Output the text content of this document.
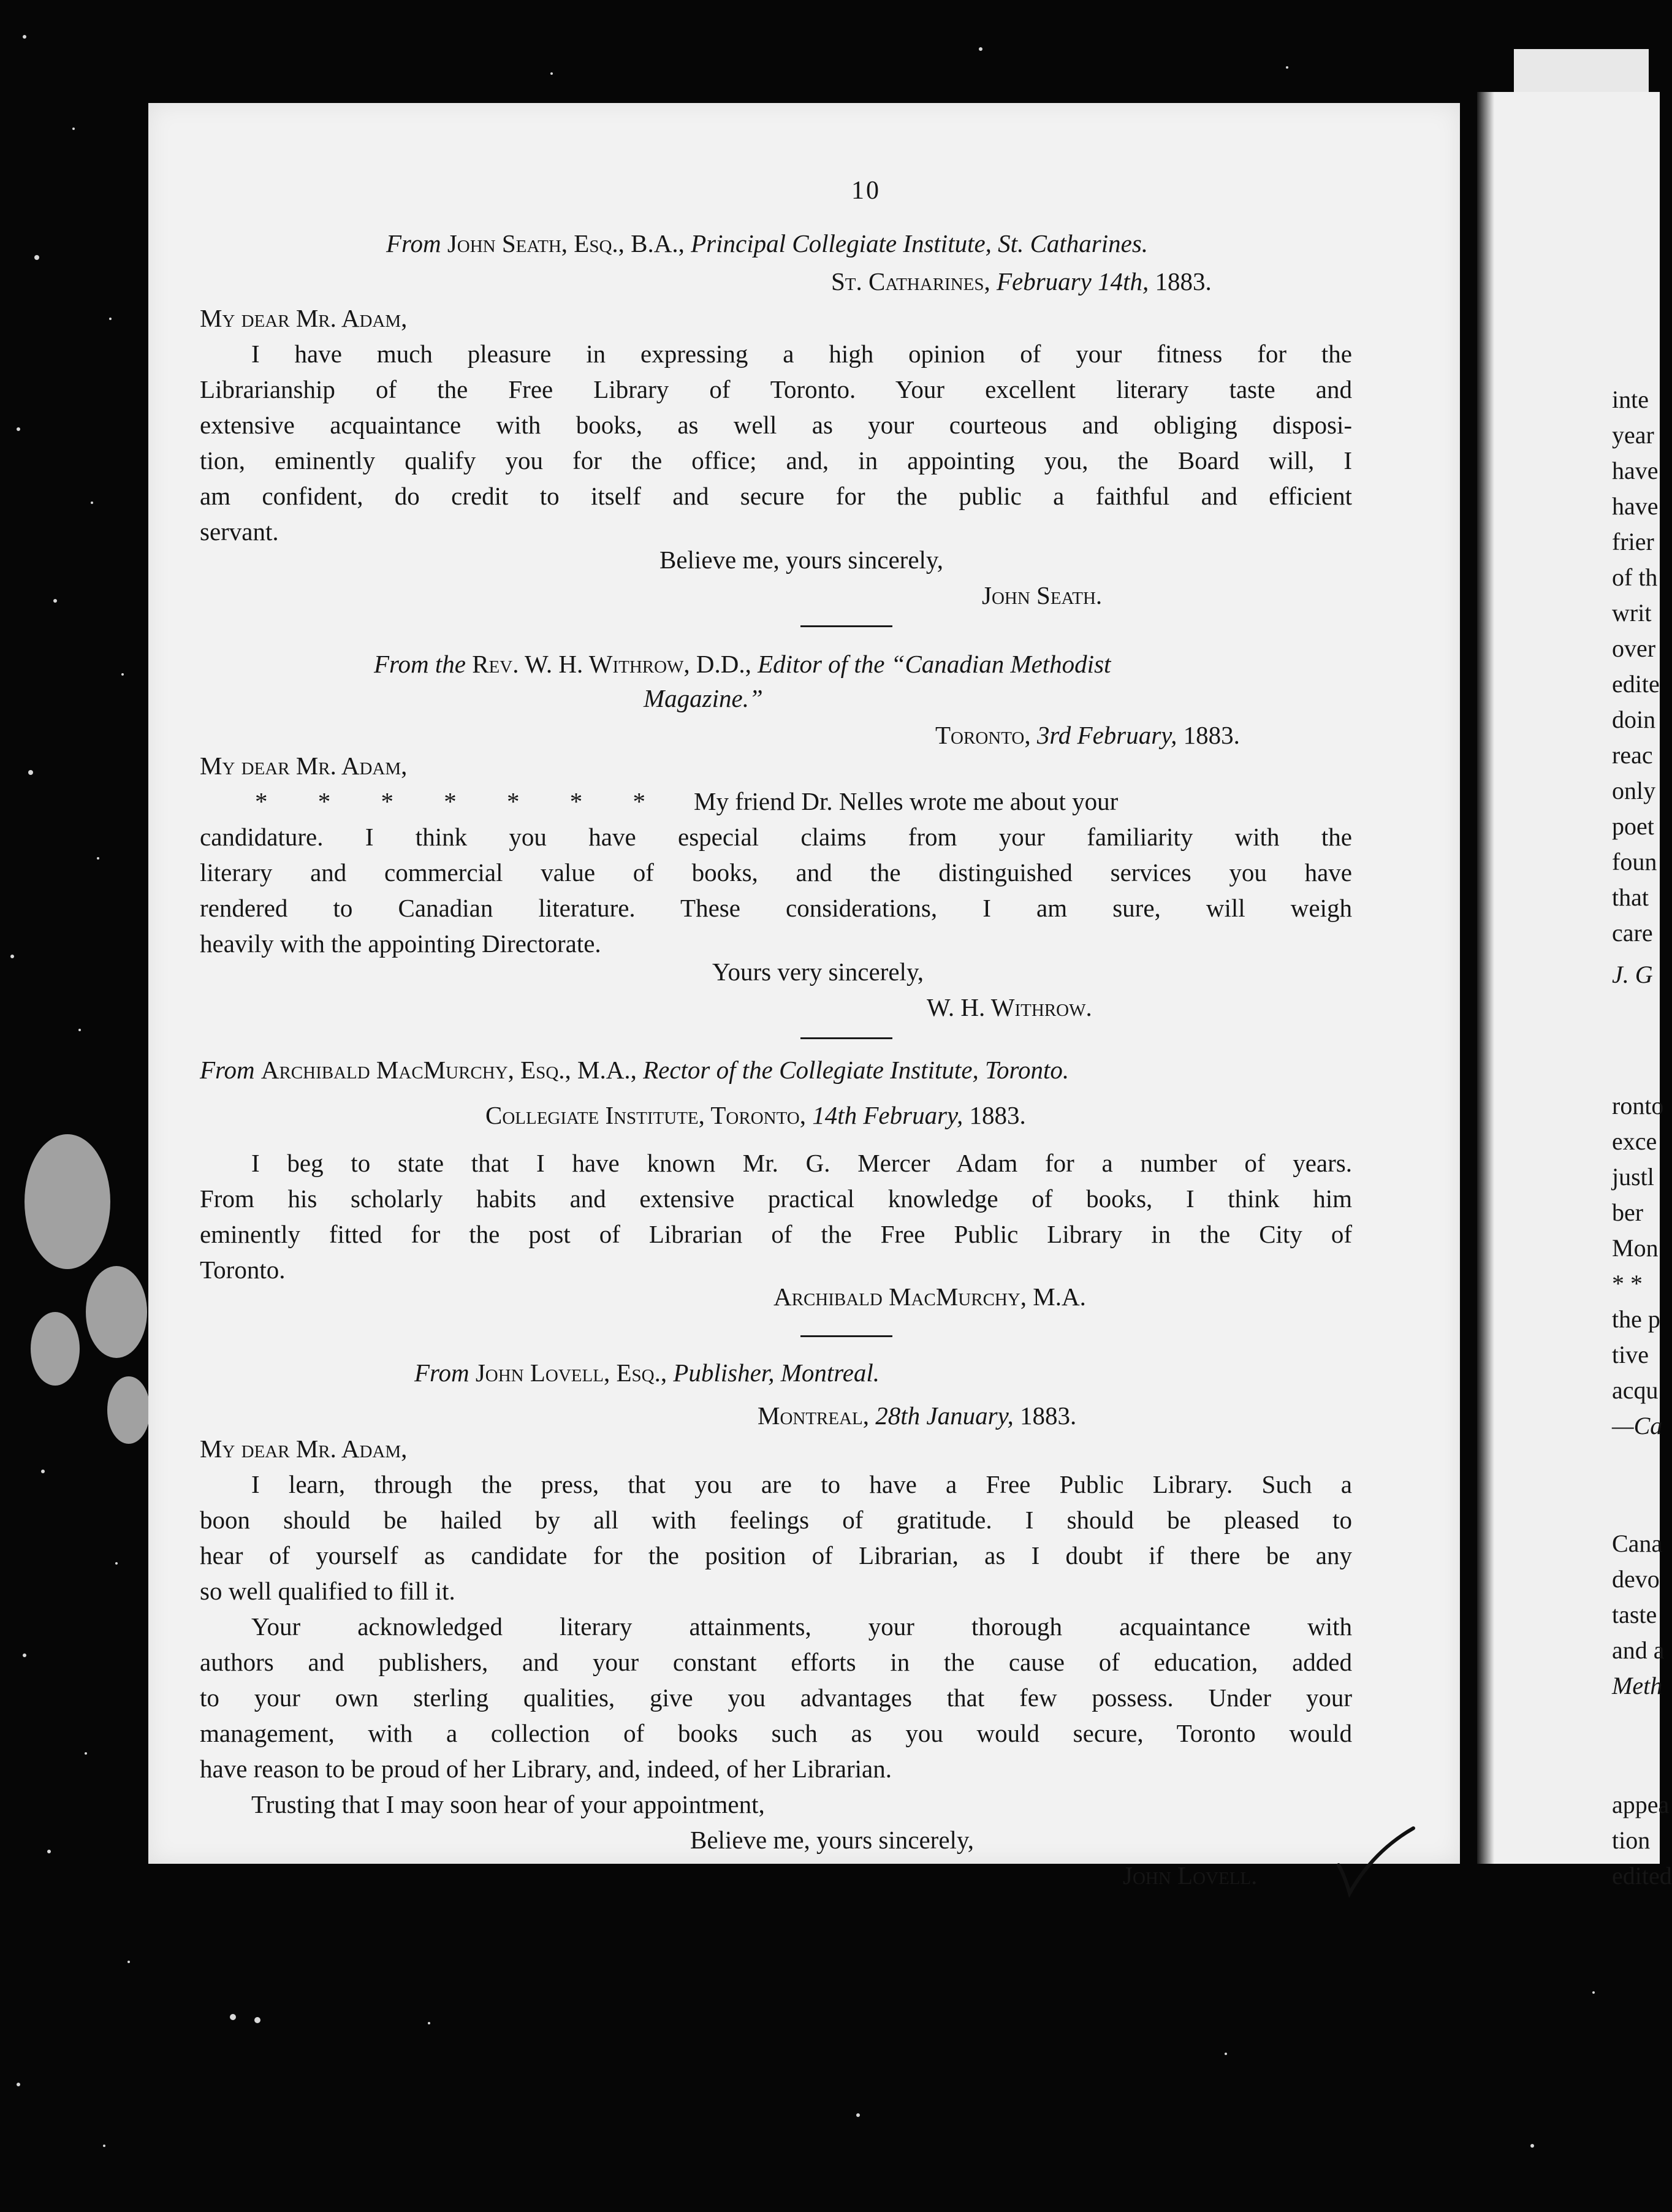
10
From John Seath, Esq., B.A., Principal Collegiate Institute, St. Catharines.
St. Catharines, February 14th, 1883.
My dear Mr. Adam,
I have much pleasure in expressing a high opinion of your fitness for the
Librarianship of the Free Library of Toronto. Your excellent literary taste and
extensive acquaintance with books, as well as your courteous and obliging disposi-
tion, eminently qualify you for the office; and, in appointing you, the Board will, I
am confident, do credit to itself and secure for the public a faithful and efficient
servant.
Believe me, yours sincerely,
John Seath.
From the Rev. W. H. Withrow, D.D., Editor of the “Canadian Methodist
Magazine.”
Toronto, 3rd February, 1883.
My dear Mr. Adam,
* * * * * * * My friend Dr. Nelles wrote me about your
candidature. I think you have especial claims from your familiarity with the
literary and commercial value of books, and the distinguished services you have
rendered to Canadian literature. These considerations, I am sure, will weigh
heavily with the appointing Directorate.
Yours very sincerely,
W. H. Withrow.
From Archibald MacMurchy, Esq., M.A., Rector of the Collegiate Institute, Toronto.
Collegiate Institute, Toronto, 14th February, 1883.
I beg to state that I have known Mr. G. Mercer Adam for a number of years.
From his scholarly habits and extensive practical knowledge of books, I think him
eminently fitted for the post of Librarian of the Free Public Library in the City of
Toronto.
Archibald MacMurchy, M.A.
From John Lovell, Esq., Publisher, Montreal.
Montreal, 28th January, 1883.
My dear Mr. Adam,
I learn, through the press, that you are to have a Free Public Library. Such a
boon should be hailed by all with feelings of gratitude. I should be pleased to
hear of yourself as candidate for the position of Librarian, as I doubt if there be any
so well qualified to fill it.
Your acknowledged literary attainments, your thorough acquaintance with
authors and publishers, and your constant efforts in the cause of education, added
to your own sterling qualities, give you advantages that few possess. Under your
management, with a collection of books such as you would secure, Toronto would
have reason to be proud of her Library, and, indeed, of her Librarian.
Trusting that I may soon hear of your appointment,
Believe me, yours sincerely,
John Lovell.
inte
year
have
have
frier
of th
writ
over
edite
doin
reac
only
poet
foun
that
care
J. G
ronto
exce
justl
ber
Mon
* *
the p
tive
acqu
—Ca
Cana
devo
taste
and a
Meth
appea
tion
edited
